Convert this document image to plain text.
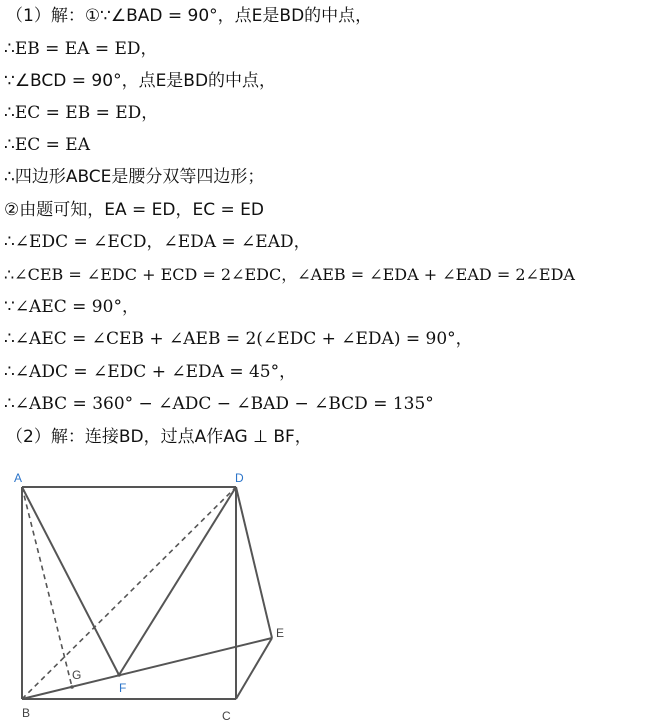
（1）解：①∵∠BAD = 90°，点E是BD的中点，
∴EB = EA = ED，
∵∠BCD = 90°，点E是BD的中点，
∴EC = EB = ED，
∴EC = EA
∴四边形ABCE是腰分双等四边形；
②由题可知，EA = ED，EC = ED
∴∠EDC = ∠ECD，∠EDA = ∠EAD，
∴∠CEB = ∠EDC + ECD = 2∠EDC，∠AEB = ∠EDA + ∠EAD = 2∠EDA
∵∠AEC = 90°，
∴∠AEC = ∠CEB + ∠AEB = 2(∠EDC + ∠EDA) = 90°，
∴∠ADC = ∠EDC + ∠EDA = 45°，
∴∠ABC = 360° − ∠ADC − ∠BAD − ∠BCD = 135°
（2）解：连接BD，过点A作AG ⊥ BF，
A
B	C
D
E
F
G
